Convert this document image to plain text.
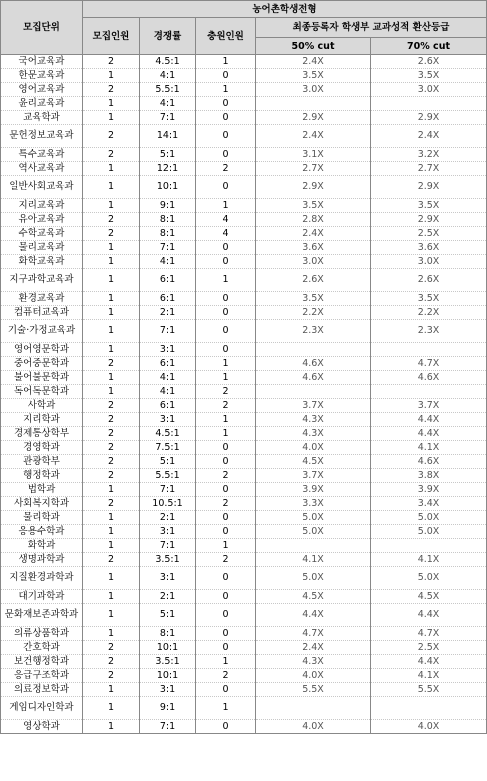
모집단위	농어촌학생전형				
	모집인원	경쟁률	충원인원	최종등록자 학생부 교과성적 환산등급	
				50% cut	70% cut
국어교육과	2	4.5:1	1	2.4X	2.6X
한문교육과	1	4:1	0	3.5X	3.5X
영어교육과	2	5.5:1	1	3.0X	3.0X
윤리교육과	1	4:1	0		
교육학과	1	7:1	0	2.9X	2.9X
문헌정보교육과	2	14:1	0	2.4X	2.4X
특수교육과	2	5:1	0	3.1X	3.2X
역사교육과	1	12:1	2	2.7X	2.7X
일반사회교육과	1	10:1	0	2.9X	2.9X
지리교육과	1	9:1	1	3.5X	3.5X
유아교육과	2	8:1	4	2.8X	2.9X
수학교육과	2	8:1	4	2.4X	2.5X
물리교육과	1	7:1	0	3.6X	3.6X
화학교육과	1	4:1	0	3.0X	3.0X
지구과학교육과	1	6:1	1	2.6X	2.6X
환경교육과	1	6:1	0	3.5X	3.5X
컴퓨터교육과	1	2:1	0	2.2X	2.2X
기술·가정교육과	1	7:1	0	2.3X	2.3X
영어영문학과	1	3:1	0		
중어중문학과	2	6:1	1	4.6X	4.7X
불어불문학과	1	4:1	1	4.6X	4.6X
독어독문학과	1	4:1	2		
사학과	2	6:1	2	3.7X	3.7X
지리학과	2	3:1	1	4.3X	4.4X
경제통상학부	2	4.5:1	1	4.3X	4.4X
경영학과	2	7.5:1	0	4.0X	4.1X
관광학부	2	5:1	0	4.5X	4.6X
행정학과	2	5.5:1	2	3.7X	3.8X
법학과	1	7:1	0	3.9X	3.9X
사회복지학과	2	10.5:1	2	3.3X	3.4X
물리학과	1	2:1	0	5.0X	5.0X
응용수학과	1	3:1	0	5.0X	5.0X
화학과	1	7:1	1		
생명과학과	2	3.5:1	2	4.1X	4.1X
지질환경과학과	1	3:1	0	5.0X	5.0X
대기과학과	1	2:1	0	4.5X	4.5X
문화재보존과학과	1	5:1	0	4.4X	4.4X
의류상품학과	1	8:1	0	4.7X	4.7X
간호학과	2	10:1	0	2.4X	2.5X
보건행정학과	2	3.5:1	1	4.3X	4.4X
응급구조학과	2	10:1	2	4.0X	4.1X
의료정보학과	1	3:1	0	5.5X	5.5X
게임디자인학과	1	9:1	1		
영상학과	1	7:1	0	4.0X	4.0X
